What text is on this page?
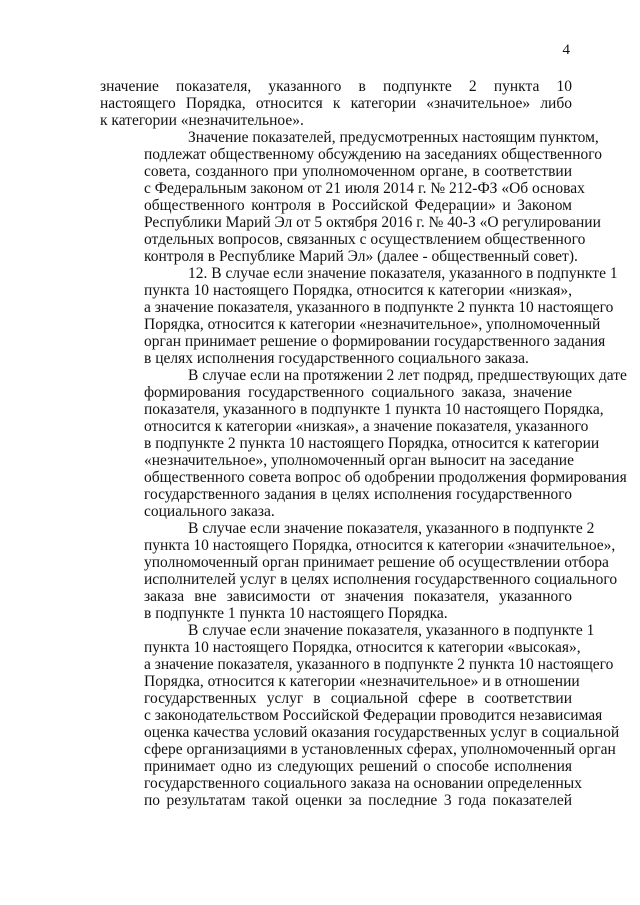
4
значение показателя, указанного в подпункте 2 пункта 10
настоящего Порядка, относится к категории «значительное» либо
к категории «незначительное».
Значение показателей, предусмотренных настоящим пунктом,
подлежат общественному обсуждению на заседаниях общественного
совета, созданного при уполномоченном органе, в соответствии
с Федеральным законом от 21 июля 2014 г. № 212-ФЗ «Об основах
общественного контроля в Российской Федерации» и Законом
Республики Марий Эл от 5 октября 2016 г. № 40-З «О регулировании
отдельных вопросов, связанных с осуществлением общественного
контроля в Республике Марий Эл» (далее - общественный совет).
12. В случае если значение показателя, указанного в подпункте 1
пункта 10 настоящего Порядка, относится к категории «низкая»,
а значение показателя, указанного в подпункте 2 пункта 10 настоящего
Порядка, относится к категории «незначительное», уполномоченный
орган принимает решение о формировании государственного задания
в целях исполнения государственного социального заказа.
В случае если на протяжении 2 лет подряд, предшествующих дате
формирования государственного социального заказа, значение
показателя, указанного в подпункте 1 пункта 10 настоящего Порядка,
относится к категории «низкая», а значение показателя, указанного
в подпункте 2 пункта 10 настоящего Порядка, относится к категории
«незначительное», уполномоченный орган выносит на заседание
общественного совета вопрос об одобрении продолжения формирования
государственного задания в целях исполнения государственного
социального заказа.
В случае если значение показателя, указанного в подпункте 2
пункта 10 настоящего Порядка, относится к категории «значительное»,
уполномоченный орган принимает решение об осуществлении отбора
исполнителей услуг в целях исполнения государственного социального
заказа вне зависимости от значения показателя, указанного
в подпункте 1 пункта 10 настоящего Порядка.
В случае если значение показателя, указанного в подпункте 1
пункта 10 настоящего Порядка, относится к категории «высокая»,
а значение показателя, указанного в подпункте 2 пункта 10 настоящего
Порядка, относится к категории «незначительное» и в отношении
государственных услуг в социальной сфере в соответствии
с законодательством Российской Федерации проводится независимая
оценка качества условий оказания государственных услуг в социальной
сфере организациями в установленных сферах, уполномоченный орган
принимает одно из следующих решений о способе исполнения
государственного социального заказа на основании определенных
по результатам такой оценки за последние 3 года показателей
